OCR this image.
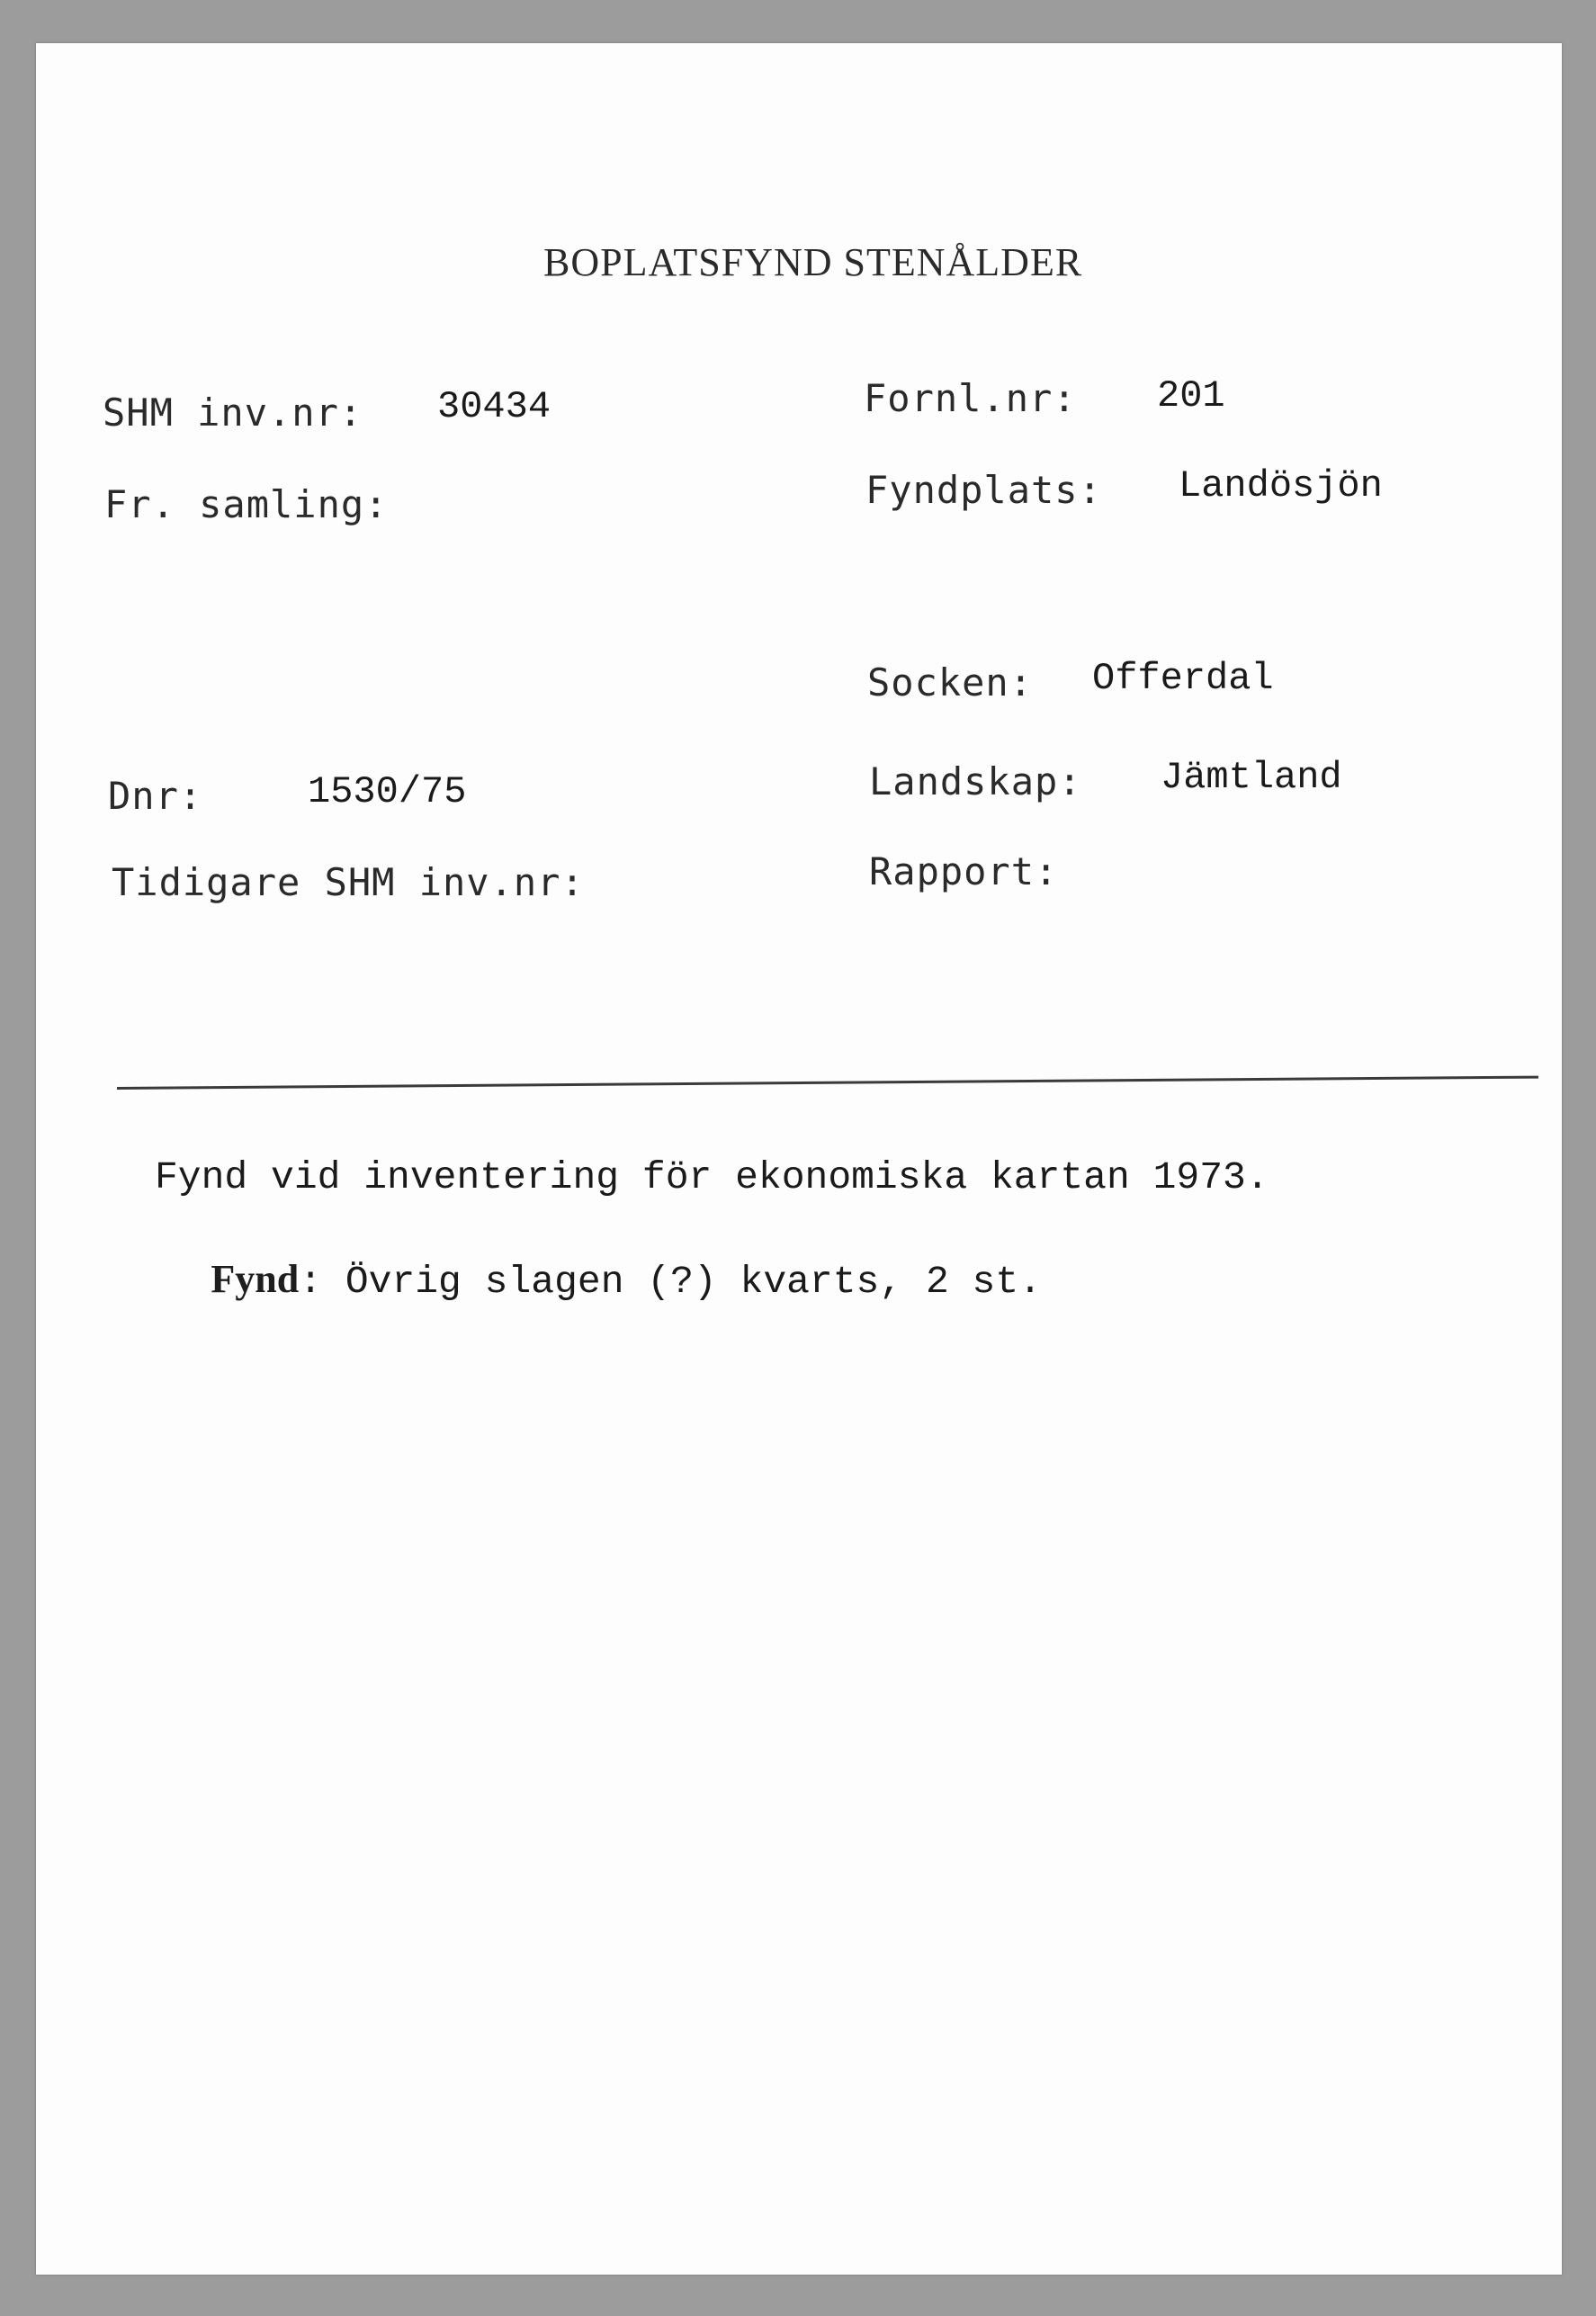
BOPLATSFYND STENÅLDER
SHM inv.nr: 30434	Fornl.nr: 201
Fr. samling:	Fyndplats: Landösjön
Socken: Offerdal
Dnr:	1530/75	Landskap: Jämtland
Tidigare SHM inv.nr:	Rapport:
Fynd vid inventering för ekonomiska kartan 1973.

Fynd: Övrig slagen (?) kvarts, 2 st.
